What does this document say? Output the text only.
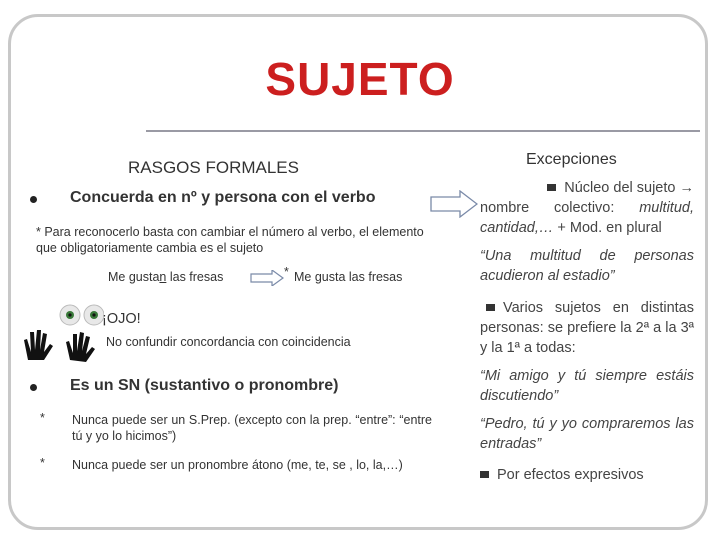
SUJETO
RASGOS FORMALES
Concuerda en nº y persona con el verbo
* Para reconocerlo basta con cambiar el número al verbo, el elemento que obligatoriamente cambia es el sujeto
Me gustan las fresas	* Me gusta las fresas
¡OJO!
No confundir concordancia con coincidencia
Es un SN (sustantivo o pronombre)
* Nunca puede ser un S.Prep. (excepto con la prep. “entre”: “entre tú y yo lo hicimos”)
* Nunca puede ser un pronombre átono (me, te, se , lo, la,…)
Excepciones
Núcleo del sujeto →
nombre colectivo: multitud, cantidad,… + Mod. en plural
“Una multitud de personas acudieron al estadio”
Varios sujetos en distintas personas: se prefiere la 2ª a la 3ª y la 1ª a todas:
“Mi amigo y tú siempre estáis discutiendo”
“Pedro, tú y yo compraremos las entradas”
Por efectos expresivos
